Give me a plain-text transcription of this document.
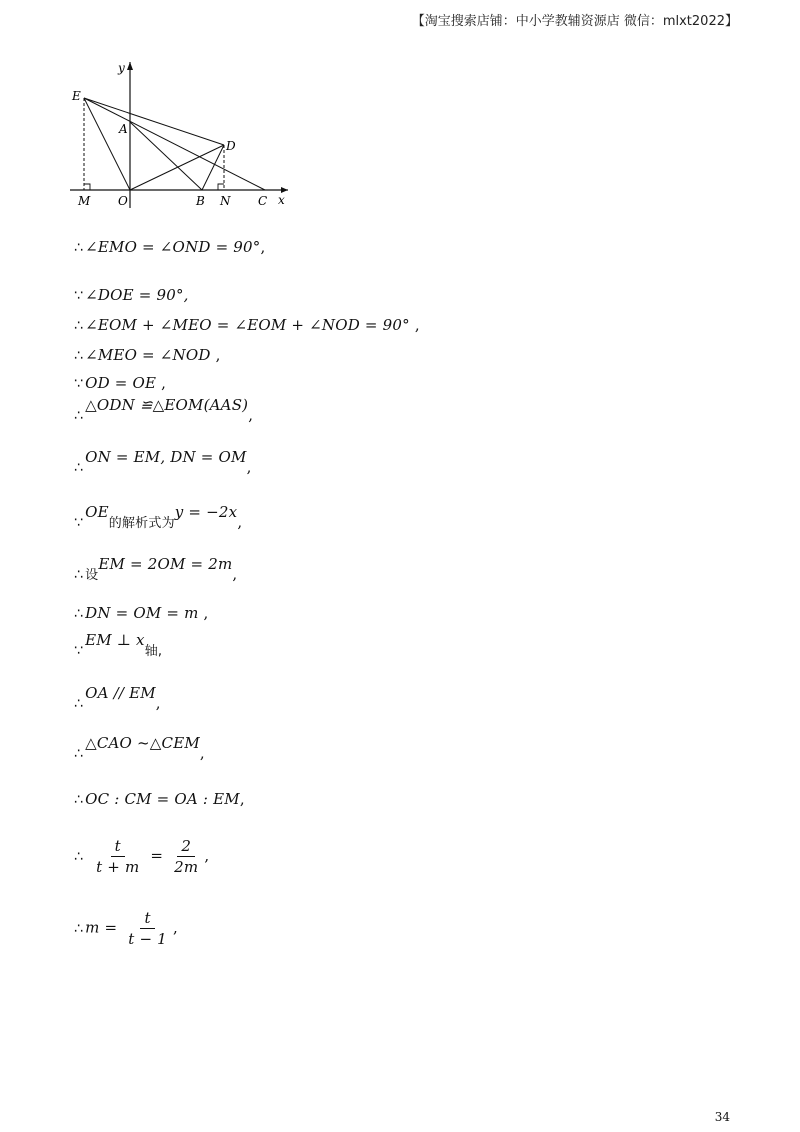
【淘宝搜索店铺：中小学教辅资源店 微信：mlxt2022】
y
x
E
A
D
M O	B N C
∴ ∠EMO = ∠OND = 90°,
∵ ∠DOE = 90°,
∴ ∠EOM + ∠MEO = ∠EOM + ∠NOD = 90° ,
∴ ∠MEO = ∠NOD ,
∵ OD = OE ,
∴△ODN ≌△EOM(AAS),
∴ON = EM, DN = OM,
∵OE的解析式为y = −2x,
∴ 设EM = 2OM = 2m,
∴ DN = OM = m ,
∵EM ⊥ x轴,
∴OA // EM,
∴△CAO ~△CEM,
∴ OC : CM = OA : EM,
∴ $\frac{t}{t + m} = \frac{2}{2m}$ ,
∴ $m = \frac{t}{t - 1}$ ,
34
